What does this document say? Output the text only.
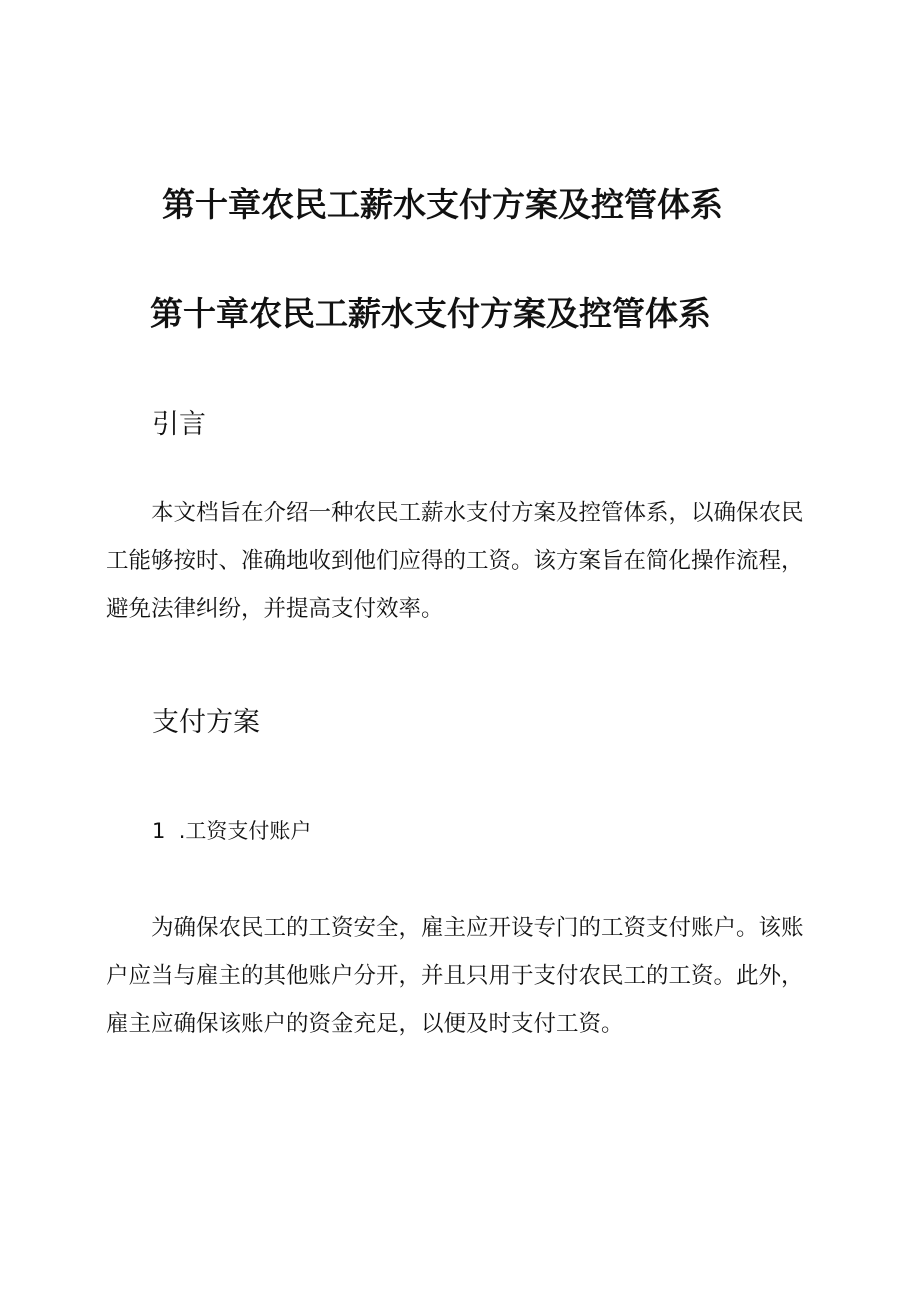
第十章农民工薪水支付方案及控管体系
第十章农民工薪水支付方案及控管体系
引言
本文档旨在介绍一种农民工薪水支付方案及控管体系，以确保农民
工能够按时、准确地收到他们应得的工资。该方案旨在简化操作流程，
避免法律纠纷，并提高支付效率。
支付方案
1  .工资支付账户
为确保农民工的工资安全，雇主应开设专门的工资支付账户。该账
户应当与雇主的其他账户分开，并且只用于支付农民工的工资。此外，
雇主应确保该账户的资金充足，以便及时支付工资。
